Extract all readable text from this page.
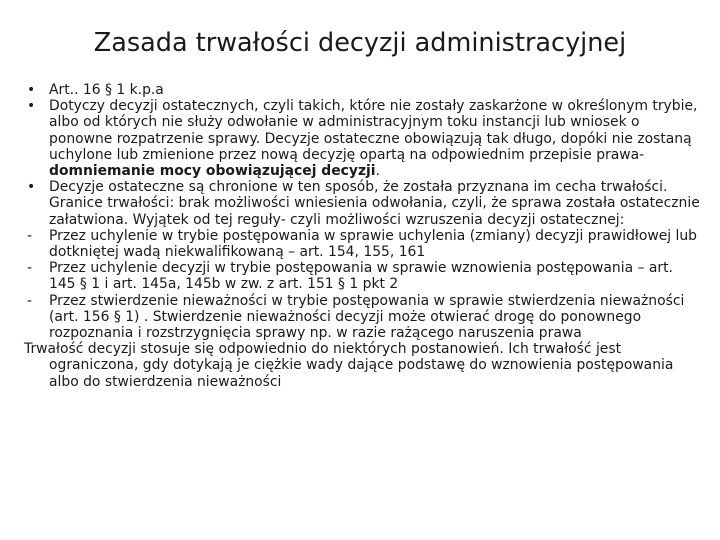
Zasada trwałości decyzji administracyjnej
• Art.. 16 § 1 k.p.a
• Dotyczy decyzji ostatecznych, czyli takich, które nie zostały zaskarżone w określonym trybie, albo od których nie służy odwołanie w administracyjnym toku instancji lub wniosek o ponowne rozpatrzenie sprawy. Decyzje ostateczne obowiązują tak długo, dopóki nie zostaną uchylone lub zmienione przez nową decyzję opartą na odpowiednim przepisie prawa- domniemanie mocy obowiązującej decyzji.
• Decyzje ostateczne są chronione w ten sposób, że została przyznana im cecha trwałości. Granice trwałości: brak możliwości wniesienia odwołania, czyli, że sprawa została ostatecznie załatwiona. Wyjątek od tej reguły- czyli możliwości wzruszenia decyzji ostatecznej:
- Przez uchylenie w trybie postępowania w sprawie uchylenia (zmiany) decyzji prawidłowej lub dotkniętej wadą niekwalifikowaną – art. 154, 155, 161
- Przez uchylenie decyzji w trybie postępowania w sprawie wznowienia postępowania – art. 145 § 1 i art. 145a, 145b w zw. z art. 151 § 1 pkt 2
- Przez stwierdzenie nieważności w trybie postępowania w sprawie stwierdzenia nieważności (art. 156 § 1) . Stwierdzenie nieważności decyzji może otwierać drogę do ponownego rozpoznania i rozstrzygnięcia sprawy np. w razie rażącego naruszenia prawa
Trwałość decyzji stosuje się odpowiednio do niektórych postanowień. Ich trwałość jest ograniczona, gdy dotykają je ciężkie wady dające podstawę do wznowienia postępowania albo do stwierdzenia nieważności
